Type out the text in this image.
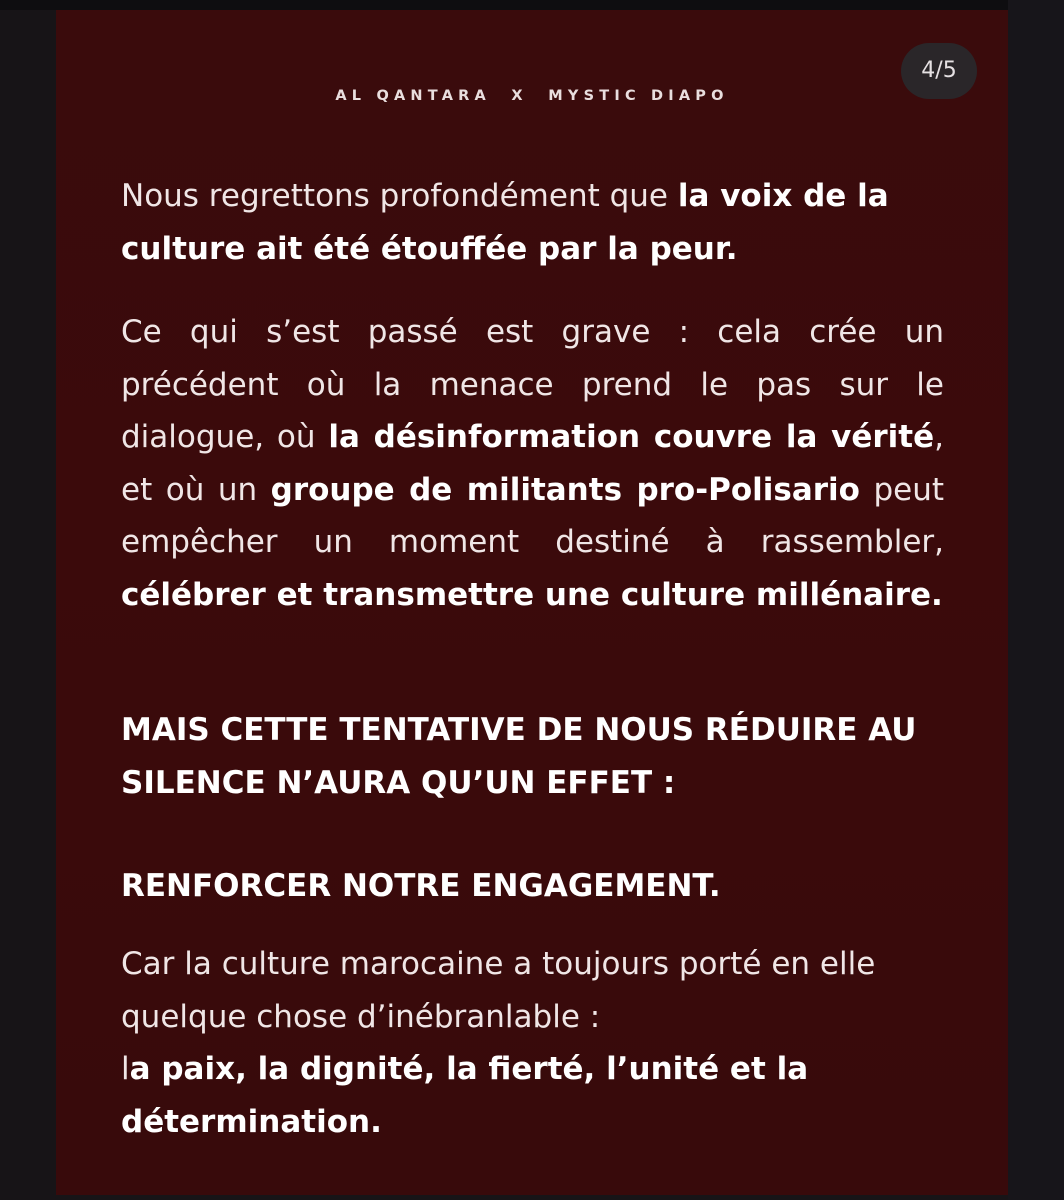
AL QANTARA  X  MYSTIC DIAPO
4/5

Nous regrettons profondément que la voix de la culture ait été étouffée par la peur.

Ce qui s’est passé est grave : cela crée un précédent où la menace prend le pas sur le dialogue, où la désinformation couvre la vérité, et où un groupe de militants pro-Polisario peut empêcher un moment destiné à rassembler, célébrer et transmettre une culture millénaire.

MAIS CETTE TENTATIVE DE NOUS RÉDUIRE AU SILENCE N’AURA QU’UN EFFET :

RENFORCER NOTRE ENGAGEMENT.

Car la culture marocaine a toujours porté en elle quelque chose d’inébranlable :
la paix, la dignité, la fierté, l’unité et la détermination.
